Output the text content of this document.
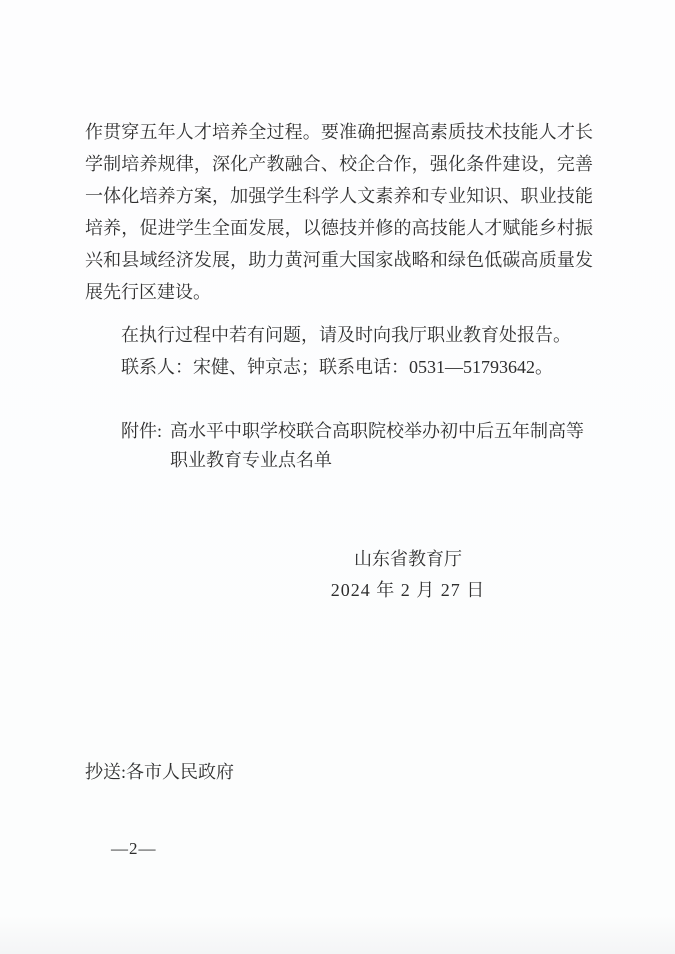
作贯穿五年人才培养全过程。要准确把握高素质技术技能人才长
学制培养规律，深化产教融合、校企合作，强化条件建设，完善
一体化培养方案，加强学生科学人文素养和专业知识、职业技能
培养，促进学生全面发展，以德技并修的高技能人才赋能乡村振
兴和县域经济发展，助力黄河重大国家战略和绿色低碳高质量发
展先行区建设。
在执行过程中若有问题，请及时向我厅职业教育处报告。
联系人：宋健、钟京志；联系电话：0531—51793642。
附件: 高水平中职学校联合高职院校举办初中后五年制高等
职业教育专业点名单
山东省教育厅
2024 年 2 月 27 日
抄送:各市人民政府
—2—
